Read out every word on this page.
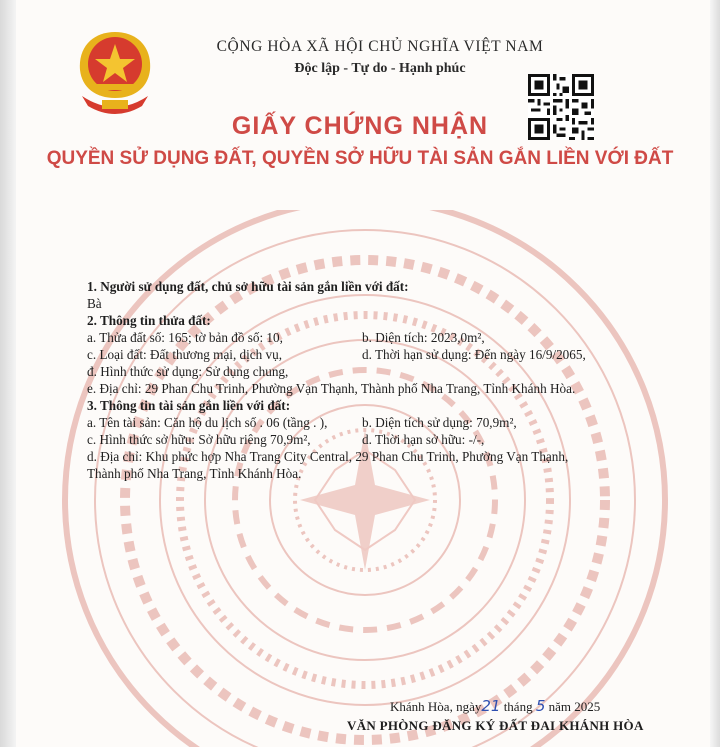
CỘNG HÒA XÃ HỘI CHỦ NGHĨA VIỆT NAM
Độc lập - Tự do - Hạnh phúc
GIẤY CHỨNG NHẬN
QUYỀN SỬ DỤNG ĐẤT, QUYỀN SỞ HỮU TÀI SẢN GẮN LIỀN VỚI ĐẤT
1. Người sử dụng đất, chủ sở hữu tài sản gắn liền với đất:
Bà
2. Thông tin thửa đất:
a. Thửa đất số: 165; tờ bản đồ số: 10,	b. Diện tích: 2023,0m²,
c. Loại đất: Đất thương mại, dịch vụ,	d. Thời hạn sử dụng: Đến ngày 16/9/2065,
đ. Hình thức sử dụng: Sử dụng chung,
e. Địa chỉ: 29 Phan Chu Trinh, Phường Vạn Thạnh, Thành phố Nha Trang, Tỉnh Khánh Hòa.
3. Thông tin tài sản gắn liền với đất:
a. Tên tài sản: Căn hộ du lịch số . 06 (tầng . ),	b. Diện tích sử dụng: 70,9m²,
c. Hình thức sở hữu: Sở hữu riêng 70,9m²,	d. Thời hạn sở hữu: -/-,
d. Địa chỉ: Khu phức hợp Nha Trang City Central, 29 Phan Chu Trinh, Phường Vạn Thạnh,
Thành phố Nha Trang, Tỉnh Khánh Hòa.
Khánh Hòa, ngày21 tháng 5 năm 2025
VĂN PHÒNG ĐĂNG KÝ ĐẤT ĐAI KHÁNH HÒA
